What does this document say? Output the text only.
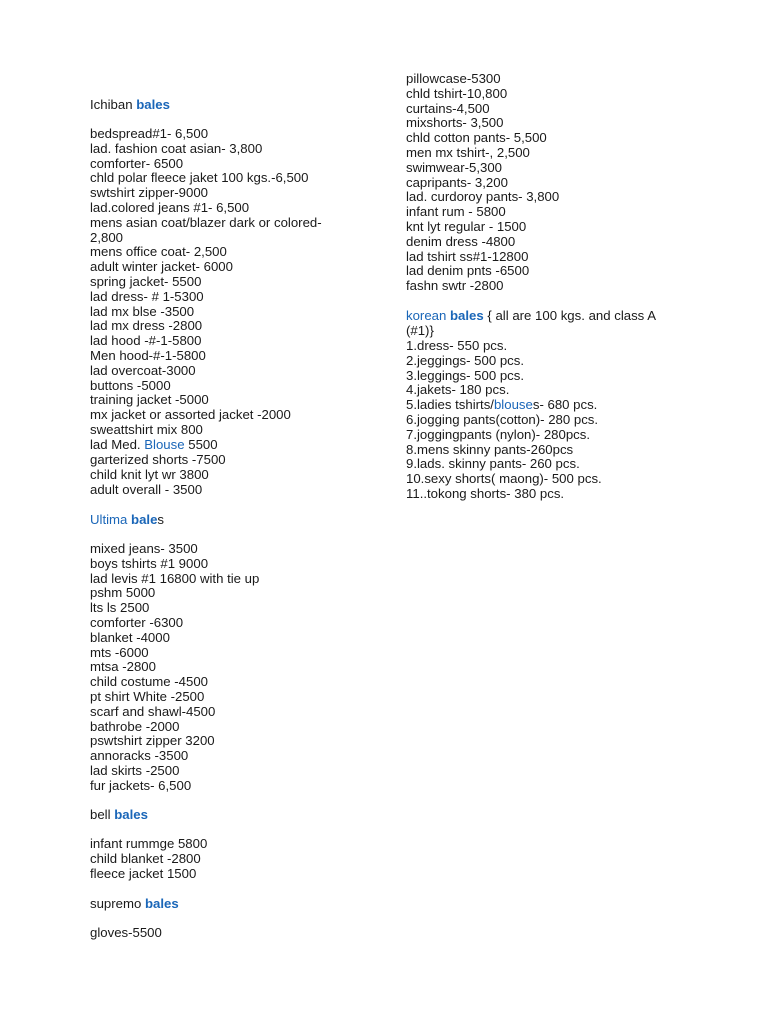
Ichiban bales
bedspread#1- 6,500
lad. fashion coat asian- 3,800
comforter- 6500
chld polar fleece jaket 100 kgs.-6,500
swtshirt zipper-9000
lad.colored jeans #1- 6,500
mens asian coat/blazer dark or colored-
2,800
mens office coat- 2,500
adult winter jacket- 6000
spring jacket- 5500
lad dress- # 1-5300
lad mx blse -3500
lad mx dress -2800
lad hood -#-1-5800
Men hood-#-1-5800
lad overcoat-3000
buttons -5000
training jacket -5000
mx jacket or assorted jacket -2000
sweattshirt mix 800
lad Med. Blouse 5500
garterized shorts -7500
child knit lyt wr 3800
adult overall - 3500
Ultima bales
mixed jeans- 3500
boys tshirts #1 9000
lad levis #1 16800 with tie up
pshm 5000
lts ls 2500
comforter -6300
blanket -4000
mts -6000
mtsa -2800
child costume -4500
pt shirt White -2500
scarf and shawl-4500
bathrobe -2000
pswtshirt zipper 3200
annoracks -3500
lad skirts -2500
fur jackets- 6,500
bell bales
infant rummge 5800
child blanket -2800
fleece jacket 1500
supremo bales
gloves-5500
pillowcase-5300
chld tshirt-10,800
curtains-4,500
mixshorts- 3,500
chld cotton pants- 5,500
men mx tshirt-, 2,500
swimwear-5,300
capripants- 3,200
lad. curdoroy pants- 3,800
infant rum - 5800
knt lyt regular - 1500
denim dress -4800
lad tshirt ss#1-12800
lad denim pnts -6500
fashn swtr -2800
korean bales { all are 100 kgs. and class A (#1)}
1.dress- 550 pcs.
2.jeggings- 500 pcs.
3.leggings- 500 pcs.
4.jakets- 180 pcs.
5.ladies tshirts/blouses- 680 pcs.
6.jogging pants(cotton)- 280 pcs.
7.joggingpants (nylon)- 280pcs.
8.mens skinny pants-260pcs
9.lads. skinny pants- 260 pcs.
10.sexy shorts( maong)- 500 pcs.
11..tokong shorts- 380 pcs.
